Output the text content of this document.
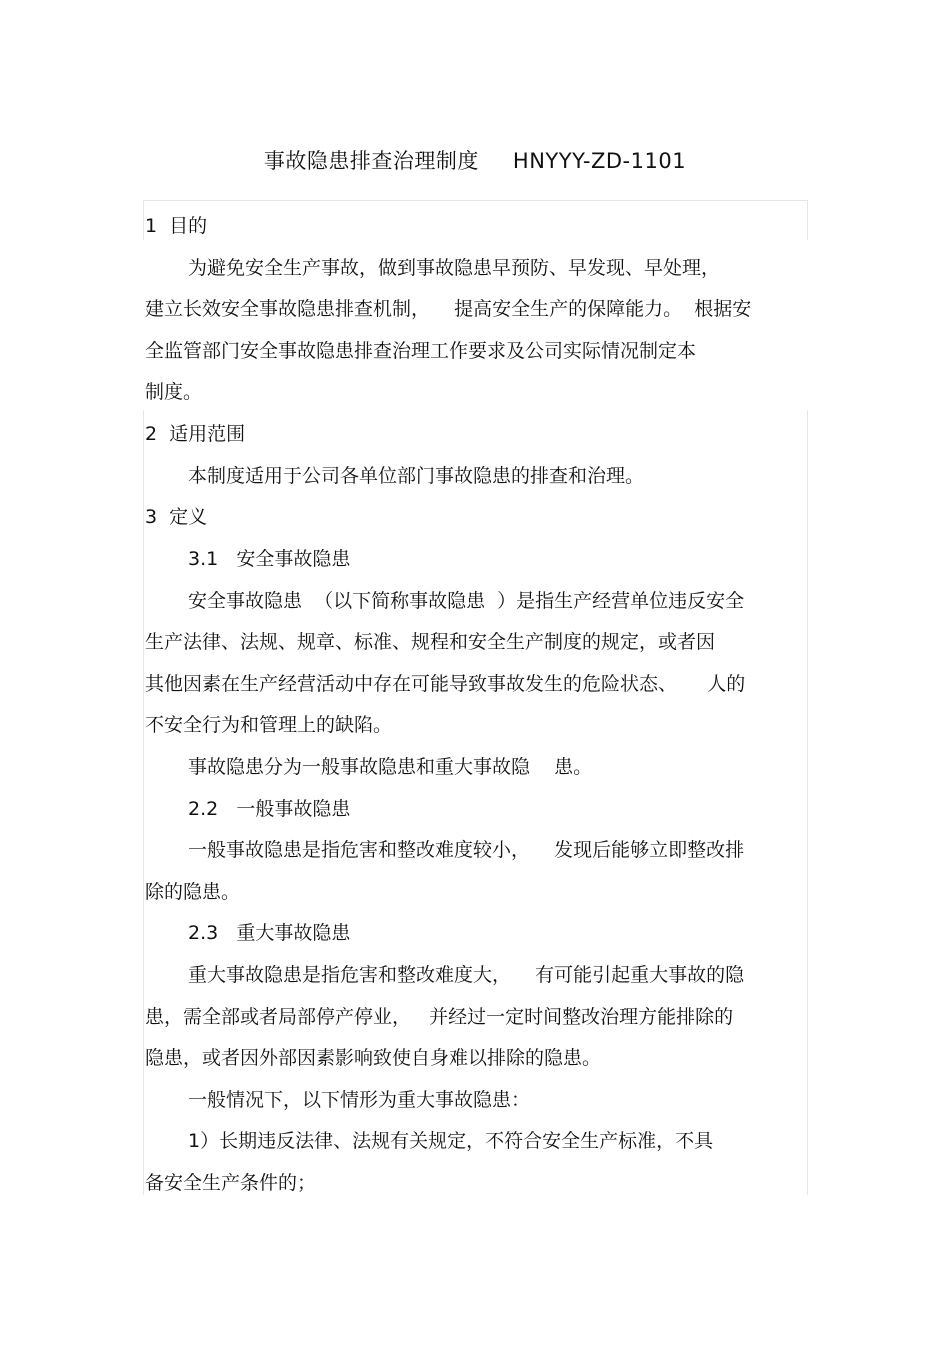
事故隐患排查治理制度 HNYYY-ZD-1101
1  目的
为避免安全生产事故，做到事故隐患早预防、早发现、早处理，
建立长效安全事故隐患排查机制，    提高安全生产的保障能力。  根据安
全监管部门安全事故隐患排查治理工作要求及公司实际情况制定本
制度。
2  适用范围
本制度适用于公司各单位部门事故隐患的排查和治理。
3  定义
3.1   安全事故隐患
安全事故隐患  （以下简称事故隐患  ）是指生产经营单位违反安全
生产法律、法规、规章、标准、规程和安全生产制度的规定，或者因
其他因素在生产经营活动中存在可能导致事故发生的危险状态、     人的
不安全行为和管理上的缺陷。
事故隐患分为一般事故隐患和重大事故隐    患。
2.2   一般事故隐患
一般事故隐患是指危害和整改难度较小，    发现后能够立即整改排
除的隐患。
2.3   重大事故隐患
重大事故隐患是指危害和整改难度大，    有可能引起重大事故的隐
患，需全部或者局部停产停业，   并经过一定时间整改治理方能排除的
隐患，或者因外部因素影响致使自身难以排除的隐患。
一般情况下，以下情形为重大事故隐患：
1）长期违反法律、法规有关规定，不符合安全生产标准，不具
备安全生产条件的；
